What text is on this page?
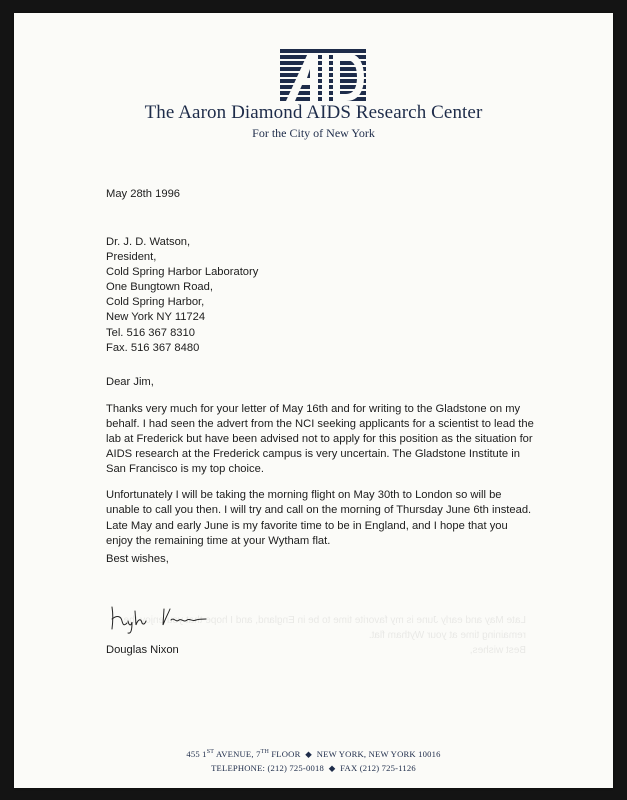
The Aaron Diamond AIDS Research Center
For the City of New York
May 28th 1996
Dr. J. D. Watson,
President,
Cold Spring Harbor Laboratory
One Bungtown Road,
Cold Spring Harbor,
New York NY 11724
Tel. 516 367 8310
Fax. 516 367 8480
Dear Jim,
Thanks very much for your letter of May 16th and for writing to the Gladstone on my behalf. I had seen the advert from the NCI seeking applicants for a scientist to lead the lab at Frederick but have been advised not to apply for this position as the situation for AIDS research at the Frederick campus is very uncertain. The Gladstone Institute in San Francisco is my top choice.
Unfortunately I will be taking the morning flight on May 30th to London so will be unable to call you then. I will try and call on the morning of Thursday June 6th instead.
Late May and early June is my favorite time to be in England, and I hope that you enjoy the remaining time at your Wytham flat.
Best wishes,
Late May and early June is my favorite time to be in England, and I hope that you enjoy the remaining time at your Wytham flat.
Best wishes,
Douglas Nixon
455 1ST AVENUE, 7TH FLOOR ◆ NEW YORK, NEW YORK 10016
TELEPHONE: (212) 725-0018 ◆ FAX (212) 725-1126
